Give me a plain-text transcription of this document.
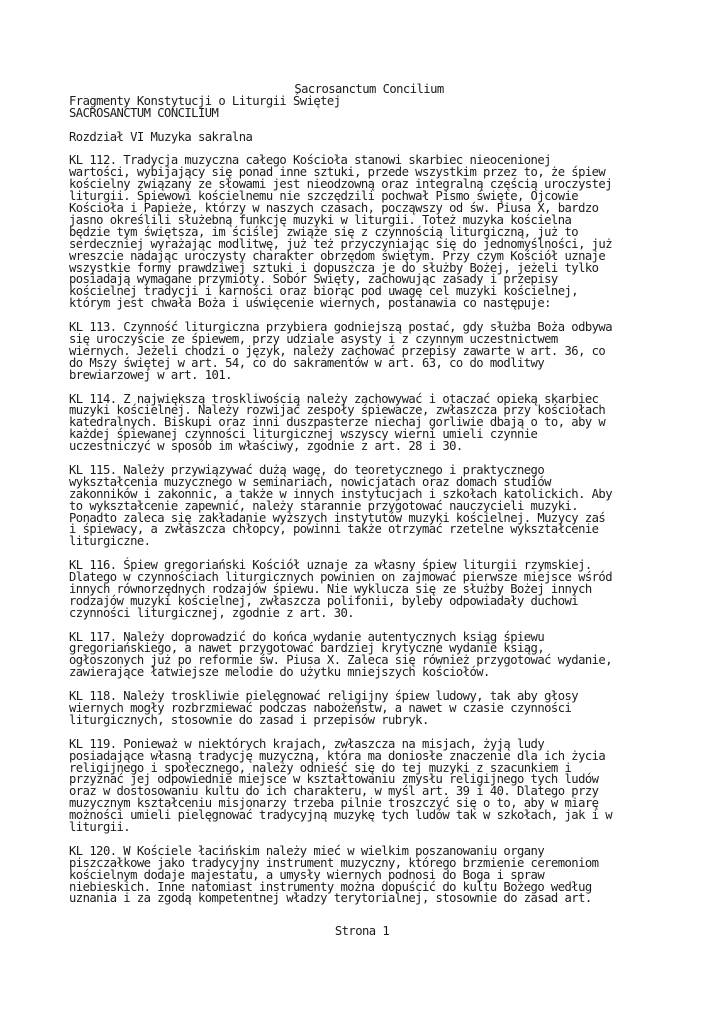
Sacrosanctum Concilium
Fragmenty Konstytucji o Liturgii Świętej
SACROSANCTUM CONCILIUM
Rozdział VI Muzyka sakralna
KL 112. Tradycja muzyczna całego Kościoła stanowi skarbiec nieocenionej
wartości, wybijający się ponad inne sztuki, przede wszystkim przez to, że śpiew
kościelny związany ze słowami jest nieodzowną oraz integralną częścią uroczystej
liturgii. Śpiewowi kościelnemu nie szczędzili pochwał Pismo święte, Ojcowie
Kościoła i Papieże, którzy w naszych czasach, począwszy od św. Piusa X, bardzo
jasno określili służebną funkcję muzyki w liturgii. Toteż muzyka kościelna
będzie tym świętsza, im ściślej zwiąże się z czynnością liturgiczną, już to
serdeczniej wyrażając modlitwę, już też przyczyniając się do jednomyślności, już
wreszcie nadając uroczysty charakter obrzędom świętym. Przy czym Kościół uznaje
wszystkie formy prawdziwej sztuki i dopuszcza je do służby Bożej, jeżeli tylko
posiadają wymagane przymioty. Sobór Święty, zachowując zasady i przepisy
kościelnej tradycji i karności oraz biorąc pod uwagę cel muzyki kościelnej,
którym jest chwała Boża i uświęcenie wiernych, postanawia co następuje:
KL 113. Czynność liturgiczna przybiera godniejszą postać, gdy służba Boża odbywa
się uroczyście ze śpiewem, przy udziale asysty i z czynnym uczestnictwem
wiernych. Jeżeli chodzi o język, należy zachować przepisy zawarte w art. 36, co
do Mszy świętej w art. 54, co do sakramentów w art. 63, co do modlitwy
brewiarzowej w art. 101.
KL 114. Z największą troskliwością należy zachowywać i otaczać opieką skarbiec
muzyki kościelnej. Należy rozwijać zespoły śpiewacze, zwłaszcza przy kościołach
katedralnych. Biskupi oraz inni duszpasterze niechaj gorliwie dbają o to, aby w
każdej śpiewanej czynności liturgicznej wszyscy wierni umieli czynnie
uczestniczyć w sposób im właściwy, zgodnie z art. 28 i 30.
KL 115. Należy przywiązywać dużą wagę, do teoretycznego i praktycznego
wykształcenia muzycznego w seminariach, nowicjatach oraz domach studiów
zakonników i zakonnic, a także w innych instytucjach i szkołach katolickich. Aby
to wykształcenie zapewnić, należy starannie przygotować nauczycieli muzyki.
Ponadto zaleca się zakładanie wyższych instytutów muzyki kościelnej. Muzycy zaś
i śpiewacy, a zwłaszcza chłopcy, powinni także otrzymać rzetelne wykształcenie
liturgiczne.
KL 116. Śpiew gregoriański Kościół uznaje za własny śpiew liturgii rzymskiej.
Dlatego w czynnościach liturgicznych powinien on zajmować pierwsze miejsce wśród
innych równorzędnych rodzajów śpiewu. Nie wyklucza się ze służby Bożej innych
rodzajów muzyki kościelnej, zwłaszcza polifonii, byleby odpowiadały duchowi
czynności liturgicznej, zgodnie z art. 30.
KL 117. Należy doprowadzić do końca wydanie autentycznych ksiąg śpiewu
gregoriańskiego, a nawet przygotować bardziej krytyczne wydanie ksiąg,
ogłoszonych już po reformie św. Piusa X. Zaleca się również przygotować wydanie,
zawierające łatwiejsze melodie do użytku mniejszych kościołów.
KL 118. Należy troskliwie pielęgnować religijny śpiew ludowy, tak aby głosy
wiernych mogły rozbrzmiewać podczas nabożeństw, a nawet w czasie czynności
liturgicznych, stosownie do zasad i przepisów rubryk.
KL 119. Ponieważ w niektórych krajach, zwłaszcza na misjach, żyją ludy
posiadające własną tradycję muzyczną, która ma doniosłe znaczenie dla ich życia
religijnego i społecznego, należy odnieść się do tej muzyki z szacunkiem i
przyznać jej odpowiednie miejsce w kształtowaniu zmysłu religijnego tych ludów
oraz w dostosowaniu kultu do ich charakteru, w myśl art. 39 i 40. Dlatego przy
muzycznym kształceniu misjonarzy trzeba pilnie troszczyć się o to, aby w miarę
możności umieli pielęgnować tradycyjną muzykę tych ludów tak w szkołach, jak i w
liturgii.
KL 120. W Kościele łacińskim należy mieć w wielkim poszanowaniu organy
piszczałkowe jako tradycyjny instrument muzyczny, którego brzmienie ceremoniom
kościelnym dodaje majestatu, a umysły wiernych podnosi do Boga i spraw
niebieskich. Inne natomiast instrumenty można dopuścić do kultu Bożego według
uznania i za zgodą kompetentnej władzy terytorialnej, stosownie do zasad art.
Strona 1
